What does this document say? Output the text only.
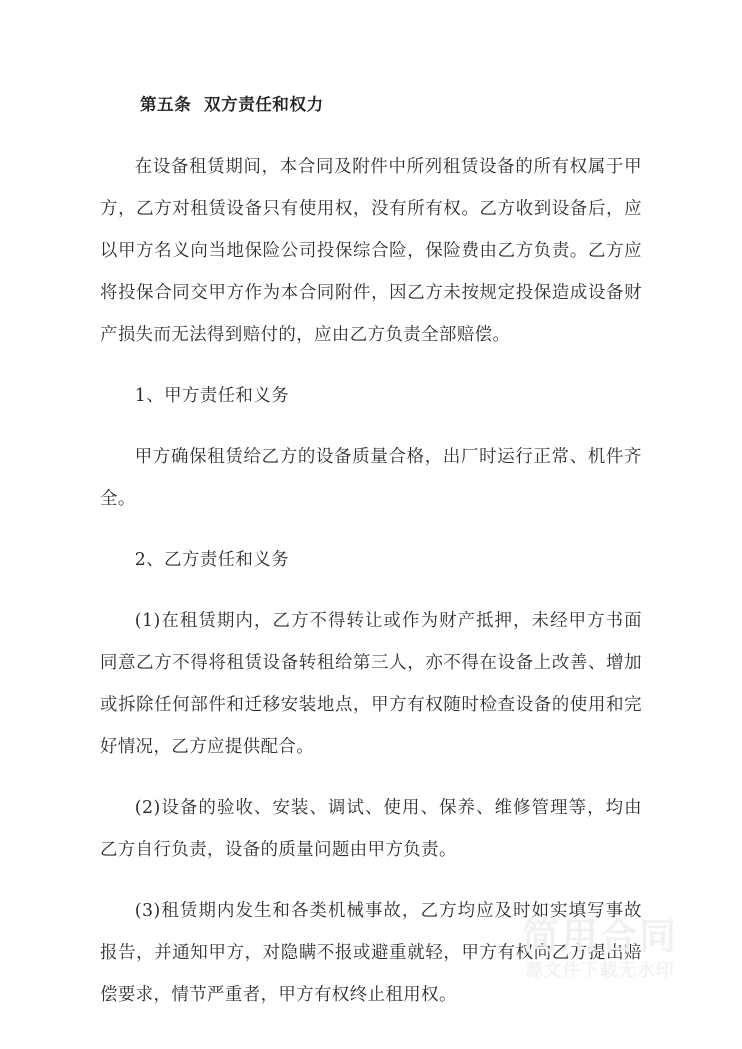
第五条  双方责任和权力

在设备租赁期间，本合同及附件中所列租赁设备的所有权属于甲方，乙方对租赁设备只有使用权，没有所有权。乙方收到设备后，应以甲方名义向当地保险公司投保综合险，保险费由乙方负责。乙方应将投保合同交甲方作为本合同附件，因乙方未按规定投保造成设备财产损失而无法得到赔付的，应由乙方负责全部赔偿。

1、甲方责任和义务

甲方确保租赁给乙方的设备质量合格，出厂时运行正常、机件齐全。

2、乙方责任和义务

(1)在租赁期内，乙方不得转让或作为财产抵押，未经甲方书面同意乙方不得将租赁设备转租给第三人，亦不得在设备上改善、增加或拆除任何部件和迁移安装地点，甲方有权随时检查设备的使用和完好情况，乙方应提供配合。

(2)设备的验收、安装、调试、使用、保养、维修管理等，均由乙方自行负责，设备的质量问题由甲方负责。

(3)租赁期内发生和各类机械事故，乙方均应及时如实填写事故报告，并通知甲方，对隐瞒不报或避重就轻，甲方有权向乙方提出赔偿要求，情节严重者，甲方有权终止租用权。

简用合同
源文件下载无水印
